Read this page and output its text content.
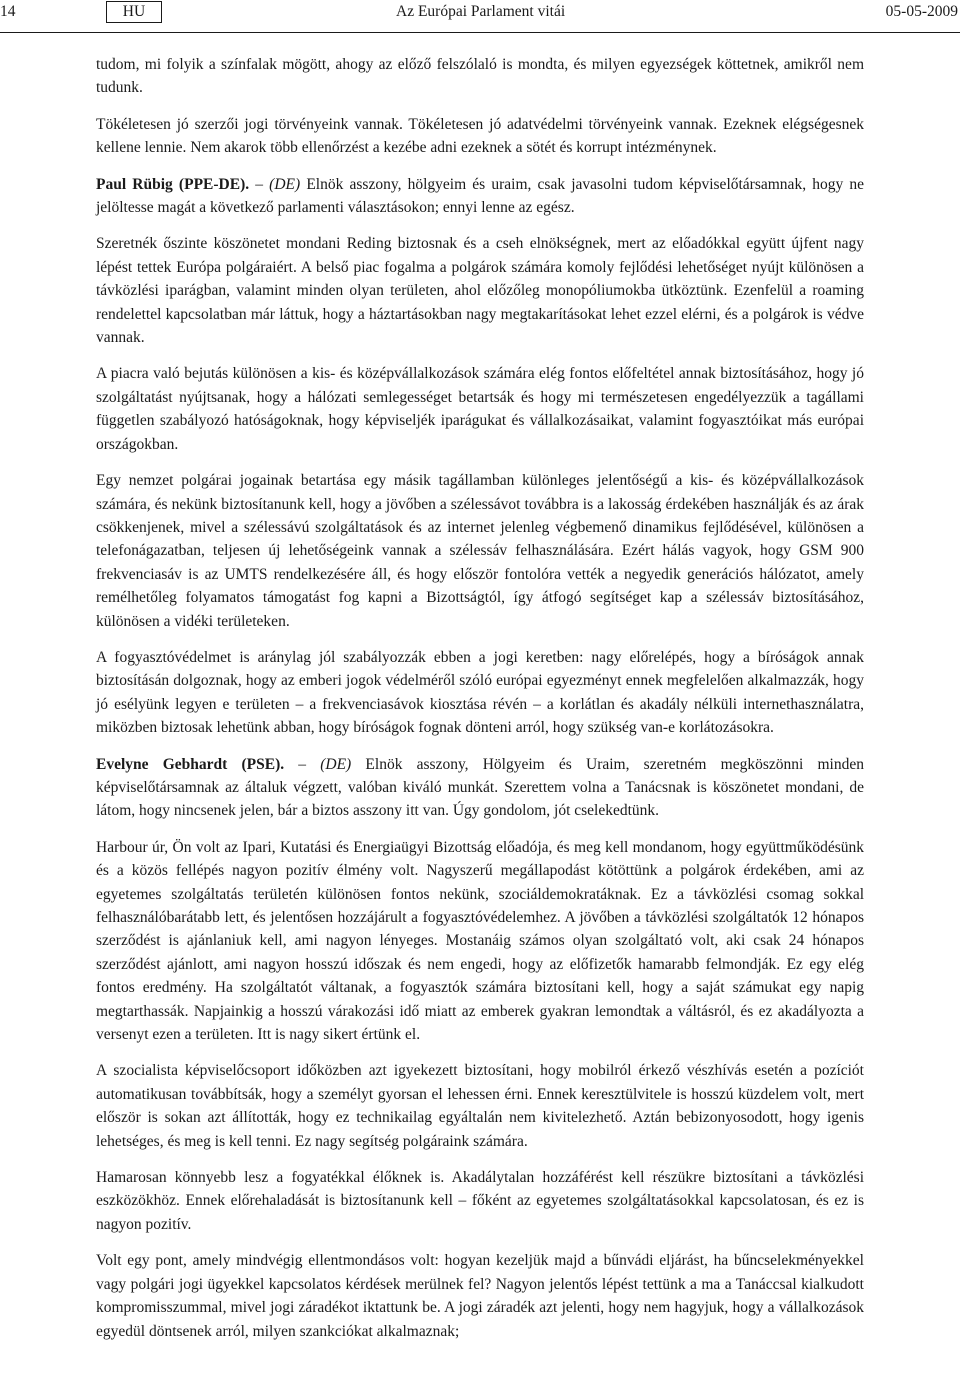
14	HU	Az Európai Parlament vitái	05-05-2009

tudom, mi folyik a színfalak mögött, ahogy az előző felszólaló is mondta, és milyen egyezségek köttetnek, amikről nem tudunk.

Tökéletesen jó szerzői jogi törvényeink vannak. Tökéletesen jó adatvédelmi törvényeink vannak. Ezeknek elégségesnek kellene lennie. Nem akarok több ellenőrzést a kezébe adni ezeknek a sötét és korrupt intézménynek.

Paul Rübig (PPE-DE). – (DE) Elnök asszony, hölgyeim és uraim, csak javasolni tudom képviselőtársamnak, hogy ne jelöltesse magát a következő parlamenti választásokon; ennyi lenne az egész.

Szeretnék őszinte köszönetet mondani Reding biztosnak és a cseh elnökségnek, mert az előadókkal együtt újfent nagy lépést tettek Európa polgáraiért. A belső piac fogalma a polgárok számára komoly fejlődési lehetőséget nyújt különösen a távközlési iparágban, valamint minden olyan területen, ahol előzőleg monopóliumokba ütköztünk. Ezenfelül a roaming rendelettel kapcsolatban már láttuk, hogy a háztartásokban nagy megtakarításokat lehet ezzel elérni, és a polgárok is védve vannak.

A piacra való bejutás különösen a kis- és középvállalkozások számára elég fontos előfeltétel annak biztosításához, hogy jó szolgáltatást nyújtsanak, hogy a hálózati semlegességet betartsák és hogy mi természetesen engedélyezzük a tagállami független szabályozó hatóságoknak, hogy képviseljék iparágukat és vállalkozásaikat, valamint fogyasztóikat más európai országokban.

Egy nemzet polgárai jogainak betartása egy másik tagállamban különleges jelentőségű a kis- és középvállalkozások számára, és nekünk biztosítanunk kell, hogy a jövőben a szélessávot továbbra is a lakosság érdekében használják és az árak csökkenjenek, mivel a szélessávú szolgáltatások és az internet jelenleg végbemenő dinamikus fejlődésével, különösen a telefonágazatban, teljesen új lehetőségeink vannak a szélessáv felhasználására. Ezért hálás vagyok, hogy GSM 900 frekvenciasáv is az UMTS rendelkezésére áll, és hogy először fontolóra vették a negyedik generációs hálózatot, amely remélhetőleg folyamatos támogatást fog kapni a Bizottságtól, így átfogó segítséget kap a szélessáv biztosításához, különösen a vidéki területeken.

A fogyasztóvédelmet is aránylag jól szabályozzák ebben a jogi keretben: nagy előrelépés, hogy a bíróságok annak biztosításán dolgoznak, hogy az emberi jogok védelméről szóló európai egyezményt ennek megfelelően alkalmazzák, hogy jó esélyünk legyen e területen – a frekvenciasávok kiosztása révén – a korlátlan és akadály nélküli internethasználatra, miközben biztosak lehetünk abban, hogy bíróságok fognak dönteni arról, hogy szükség van-e korlátozásokra.

Evelyne Gebhardt (PSE). – (DE) Elnök asszony, Hölgyeim és Uraim, szeretném megköszönni minden képviselőtársamnak az általuk végzett, valóban kiváló munkát. Szerettem volna a Tanácsnak is köszönetet mondani, de látom, hogy nincsenek jelen, bár a biztos asszony itt van. Úgy gondolom, jót cselekedtünk.

Harbour úr, Ön volt az Ipari, Kutatási és Energiaügyi Bizottság előadója, és meg kell mondanom, hogy együttműködésünk és a közös fellépés nagyon pozitív élmény volt. Nagyszerű megállapodást kötöttünk a polgárok érdekében, ami az egyetemes szolgáltatás területén különösen fontos nekünk, szociáldemokratáknak. Ez a távközlési csomag sokkal felhasználóbarátabb lett, és jelentősen hozzájárult a fogyasztóvédelemhez. A jövőben a távközlési szolgáltatók 12 hónapos szerződést is ajánlaniuk kell, ami nagyon lényeges. Mostanáig számos olyan szolgáltató volt, aki csak 24 hónapos szerződést ajánlott, ami nagyon hosszú időszak és nem engedi, hogy az előfizetők hamarabb felmondják. Ez egy elég fontos eredmény. Ha szolgáltatót váltanak, a fogyasztók számára biztosítani kell, hogy a saját számukat egy napig megtarthassák. Napjainkig a hosszú várakozási idő miatt az emberek gyakran lemondtak a váltásról, és ez akadályozta a versenyt ezen a területen. Itt is nagy sikert értünk el.

A szocialista képviselőcsoport időközben azt igyekezett biztosítani, hogy mobilról érkező vészhívás esetén a pozíciót automatikusan továbbítsák, hogy a személyt gyorsan el lehessen érni. Ennek keresztülvitele is hosszú küzdelem volt, mert először is sokan azt állították, hogy ez technikailag egyáltalán nem kivitelezhető. Aztán bebizonyosodott, hogy igenis lehetséges, és meg is kell tenni. Ez nagy segítség polgáraink számára.

Hamarosan könnyebb lesz a fogyatékkal élőknek is. Akadálytalan hozzáférést kell részükre biztosítani a távközlési eszközökhöz. Ennek előrehaladását is biztosítanunk kell – főként az egyetemes szolgáltatásokkal kapcsolatosan, és ez is nagyon pozitív.

Volt egy pont, amely mindvégig ellentmondásos volt: hogyan kezeljük majd a bűnvádi eljárást, ha bűncselekményekkel vagy polgári jogi ügyekkel kapcsolatos kérdések merülnek fel? Nagyon jelentős lépést tettünk a ma a Tanáccsal kialkudott kompromisszummal, mivel jogi záradékot iktattunk be. A jogi záradék azt jelenti, hogy nem hagyjuk, hogy a vállalkozások egyedül döntsenek arról, milyen szankciókat alkalmaznak;
